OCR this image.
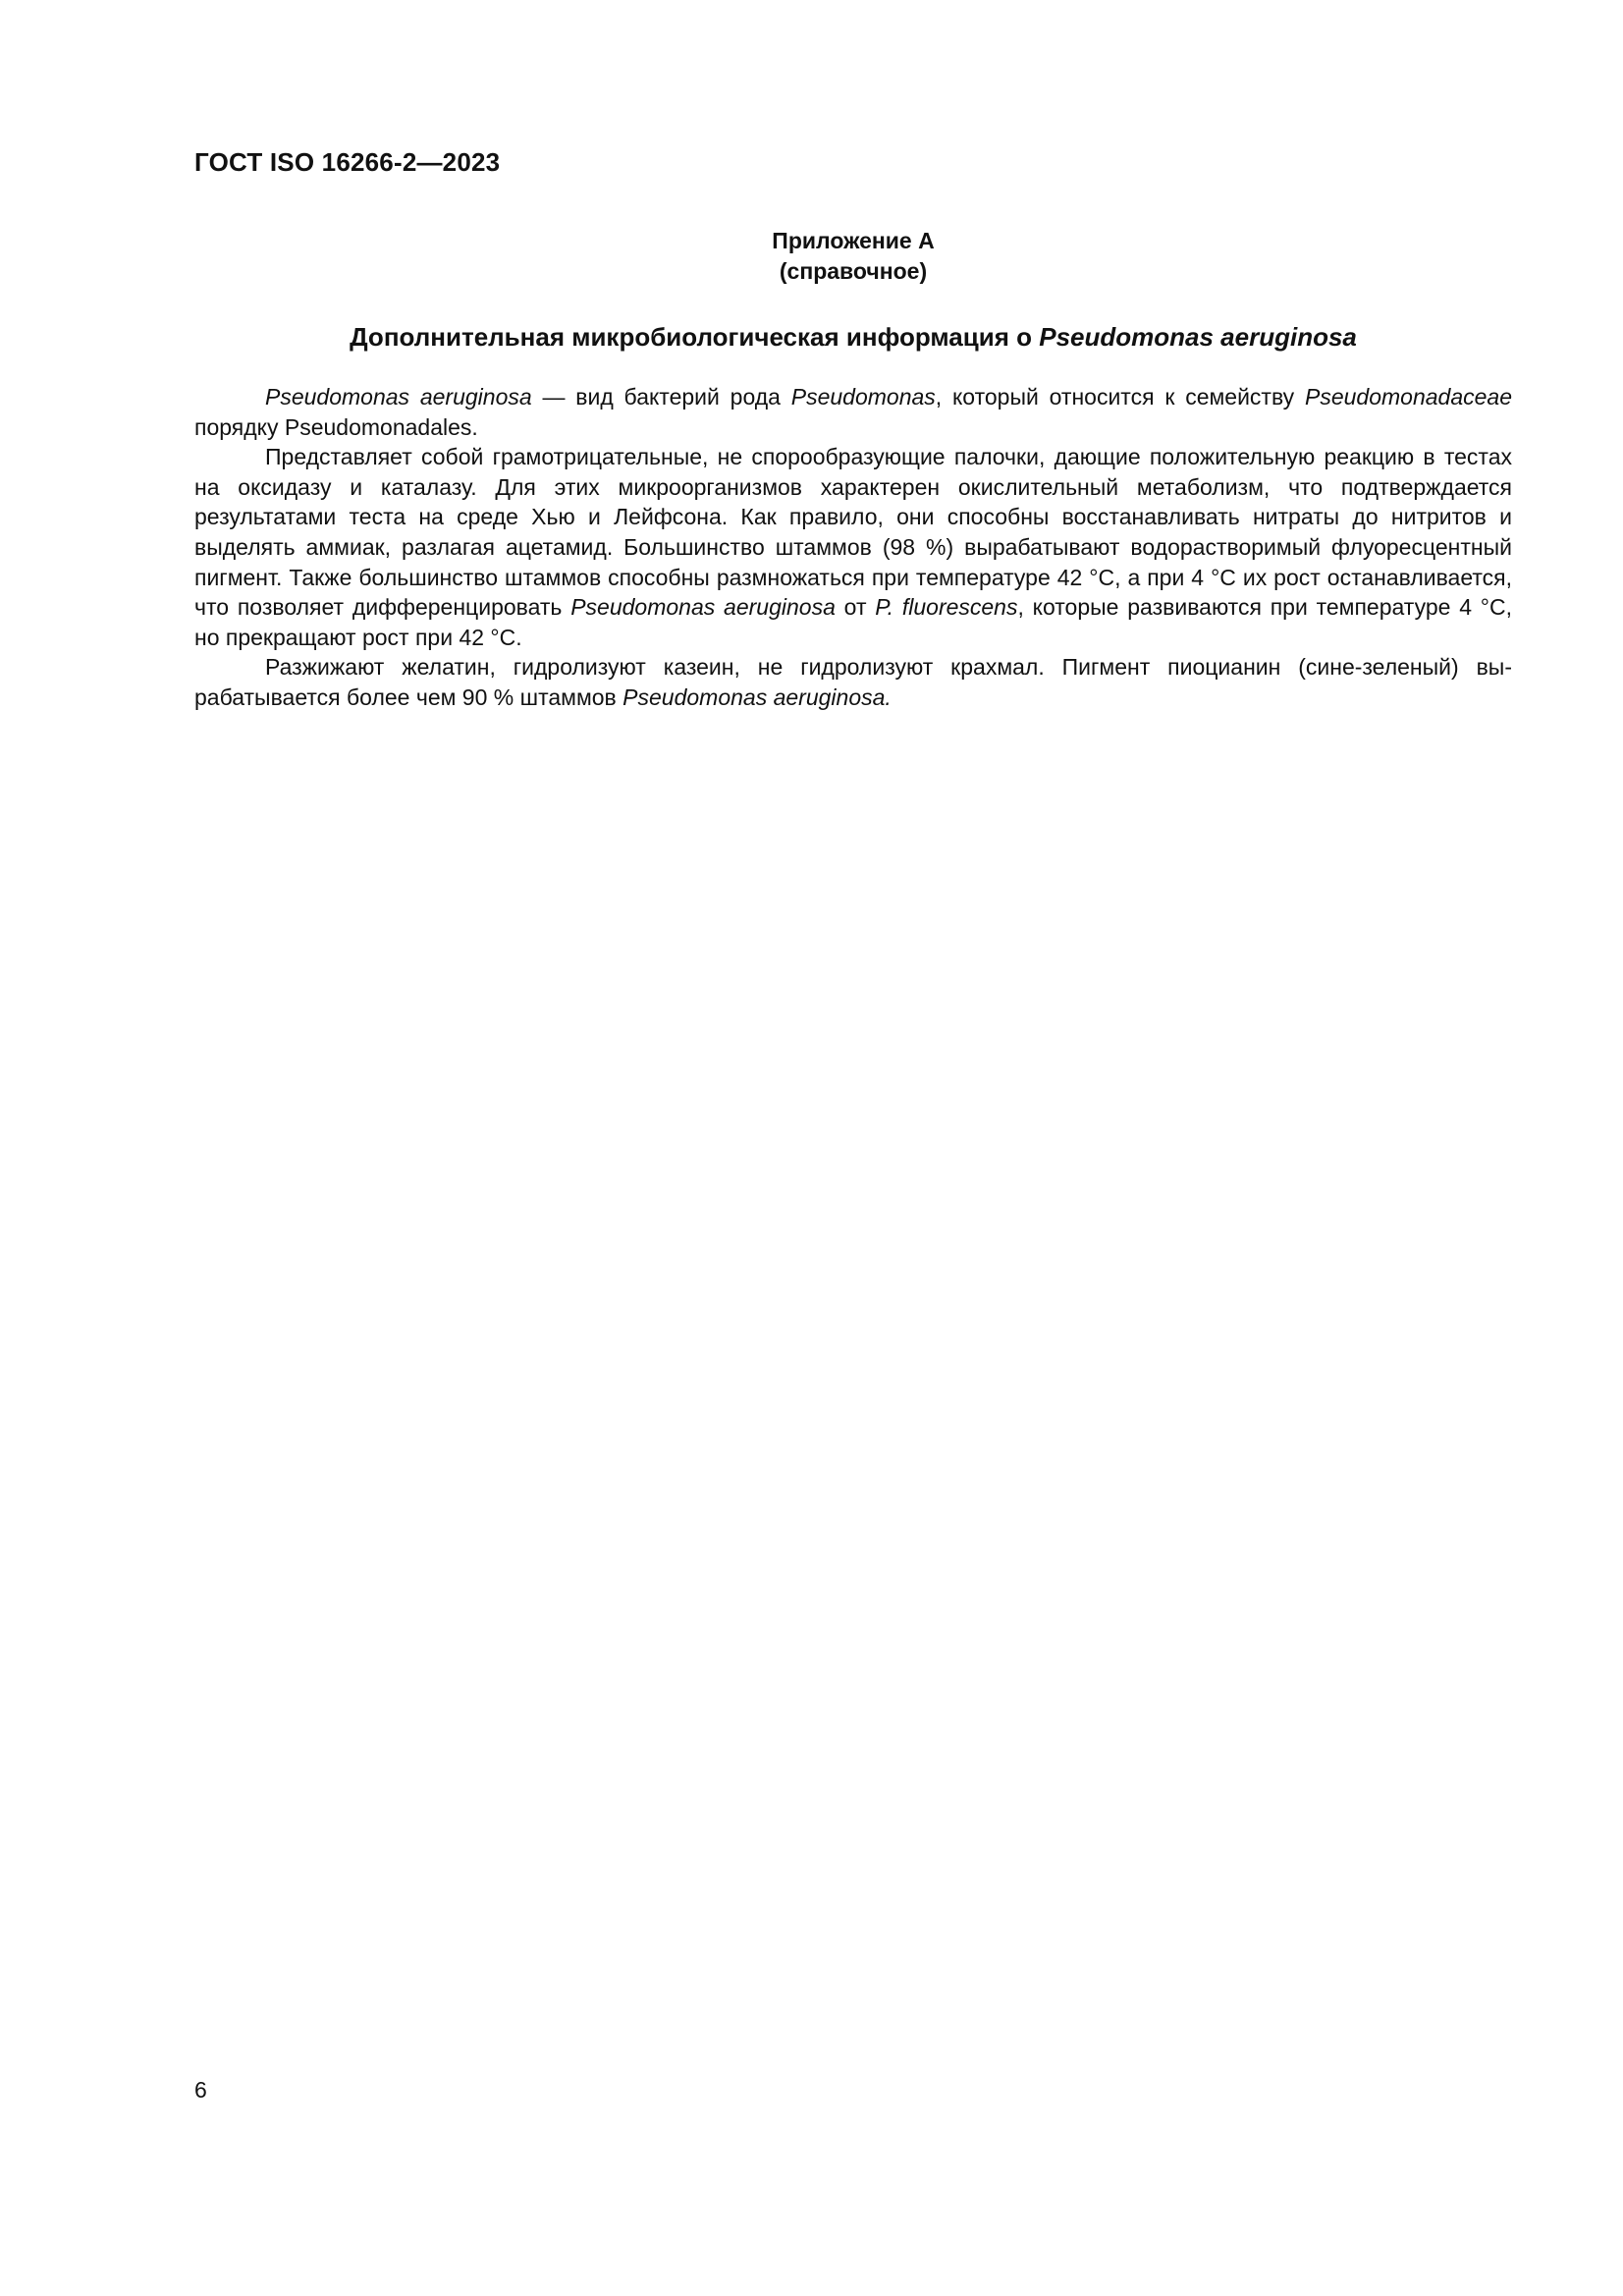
ГОСТ ISO 16266-2—2023
Приложение А
(справочное)
Дополнительная микробиологическая информация о Pseudomonas aeruginosa

Pseudomonas aeruginosa — вид бактерий рода Pseudomonas, который относится к семейству Pseudomonadaceae порядку Pseudomonadales.

Представляет собой грамотрицательные, не спорообразующие палочки, дающие положительную реакцию в тестах на оксидазу и каталазу. Для этих микроорганизмов характерен окислительный метаболизм, что подтверждается результатами теста на среде Хью и Лейфсона. Как правило, они способны восстанавливать нитраты до нитритов и выделять аммиак, разлагая ацетамид. Большинство штаммов (98 %) вырабатывают водорастворимый флуоресцентный пигмент. Также большинство штаммов способны размножаться при температуре 42 °С, а при 4 °С их рост останавливается, что позволяет дифференцировать Pseudomonas aeruginosa от P. fluorescens, которые развиваются при температуре 4 °С, но прекращают рост при 42 °С.

Разжижают желатин, гидролизуют казеин, не гидролизуют крахмал. Пигмент пиоцианин (сине-зеленый) вырабатывается более чем 90 % штаммов Pseudomonas aeruginosa.

6
